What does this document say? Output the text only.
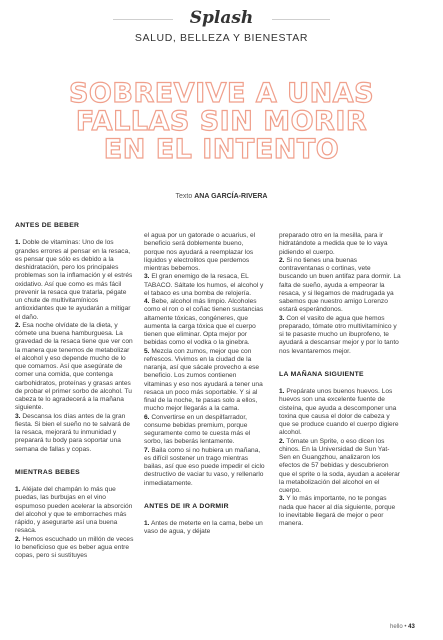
Splash
SALUD, BELLEZA Y BIENESTAR
SOBREVIVE A UNAS
FALLAS SIN MORIR
EN EL INTENTO
Texto ANA GARCÍA-RIVERA
ANTES DE BEBER

1. Doble de vitaminas: Uno de los grandes errores al pensar en la resaca, es pensar que sólo es debido a la deshidratación, pero los principales problemas son la inflamación y el estrés oxidativo. Así que como es más fácil prevenir la resaca que tratarla, pégate un chute de multivitamínicos antioxidantes que te ayudarán a mitigar el daño.

2. Esa noche olvídate de la dieta, y cómete una buena hamburguesa. La gravedad de la resaca tiene que ver con la manera que tenemos de metabolizar el alcohol y eso depende mucho de lo que comamos. Así que asegúrate de comer una comida, que contenga carbohidratos, proteínas y grasas antes de probar el primer sorbo de alcohol. Tu cabeza te lo agradecerá a la mañana siguiente.

3. Descansa los días antes de la gran fiesta. Si bien el sueño no te salvará de la resaca, mejorará tu inmunidad y preparará tu body para soportar una semana de fallas y copas.

MIENTRAS BEBES

1. Aléjate del champán lo más que puedas, las burbujas en el vino espumoso pueden acelerar la absorción del alcohol y que te emborraches más rápido, y asegurarte así una buena resaca.

2. Hemos escuchado un millón de veces lo beneficioso que es beber agua entre copas, pero si sustituyes

el agua por un gatorade o acuarius, el beneficio será doblemente bueno, porque nos ayudará a reemplazar los líquidos y electrolitos que perdemos mientras bebemos.

3. El gran enemigo de la resaca, EL TABACO. Sáltate los humos, el alcohol y el tabaco es una bomba de relojería.

4. Bebe, alcohol más limpio. Alcoholes como el ron o el coñac tienen sustancias altamente tóxicas, congéneres, que aumenta la carga tóxica que el cuerpo tienen que eliminar. Opta mejor por bebidas como el vodka o la ginebra.

5. Mezcla con zumos, mejor que con refrescos. Vivimos en la ciudad de la naranja, así que sácale provecho a ese beneficio. Los zumos contienen vitaminas y eso nos ayudará a tener una resaca un poco más soportable. Y si al final de la noche, te pasas solo a ellos, mucho mejor llegarás a la cama.

6. Convertirse en un despilfarrador, consume bebidas premium, porque seguramente como te cuesta más el sorbo, las beberás lentamente.

7. Baila como si no hubiera un mañana, es difícil sostener un trago mientras bailas, así que eso puede impedir el ciclo destructivo de vaciar tu vaso, y rellenarlo inmediatamente.

ANTES DE IR A DORMIR

1. Antes de meterte en la cama, bebe un vaso de agua, y déjate

preparado otro en la mesilla, para ir hidratándote a medida que te lo vaya pidiendo el cuerpo.

2. Si no tienes una buenas contraventanas o cortinas, vete buscando un buen antifaz para dormir. La falta de sueño, ayuda a empeorar la resaca, y si llegamos de madrugada ya sabemos que nuestro amigo Lorenzo estará esperándonos.

3. Con el vasito de agua que hemos preparado, tómate otro multivitamínico y si te pasaste mucho un ibuprofeno, te ayudará a descansar mejor y por lo tanto nos levantaremos mejor.

LA MAÑANA SIGUIENTE

1. Prepárate unos buenos huevos. Los huevos son una excelente fuente de cisteína, que ayuda a descomponer una toxina que causa el dolor de cabeza y que se produce cuando el cuerpo digiere alcohol.

2. Tómate un Sprite, o eso dicen los chinos. En la Universidad de Sun Yat-Sen en Guangzhou, analizaron los efectos de 57 bebidas y descubrieron que el sprite o la soda, ayudan a acelerar la metabolización del alcohol en el cuerpo.

3. Y lo más importante, no te pongas nada que hacer al día siguiente, porque lo inevitable llegará de mejor o peor manera.

hello • 43
